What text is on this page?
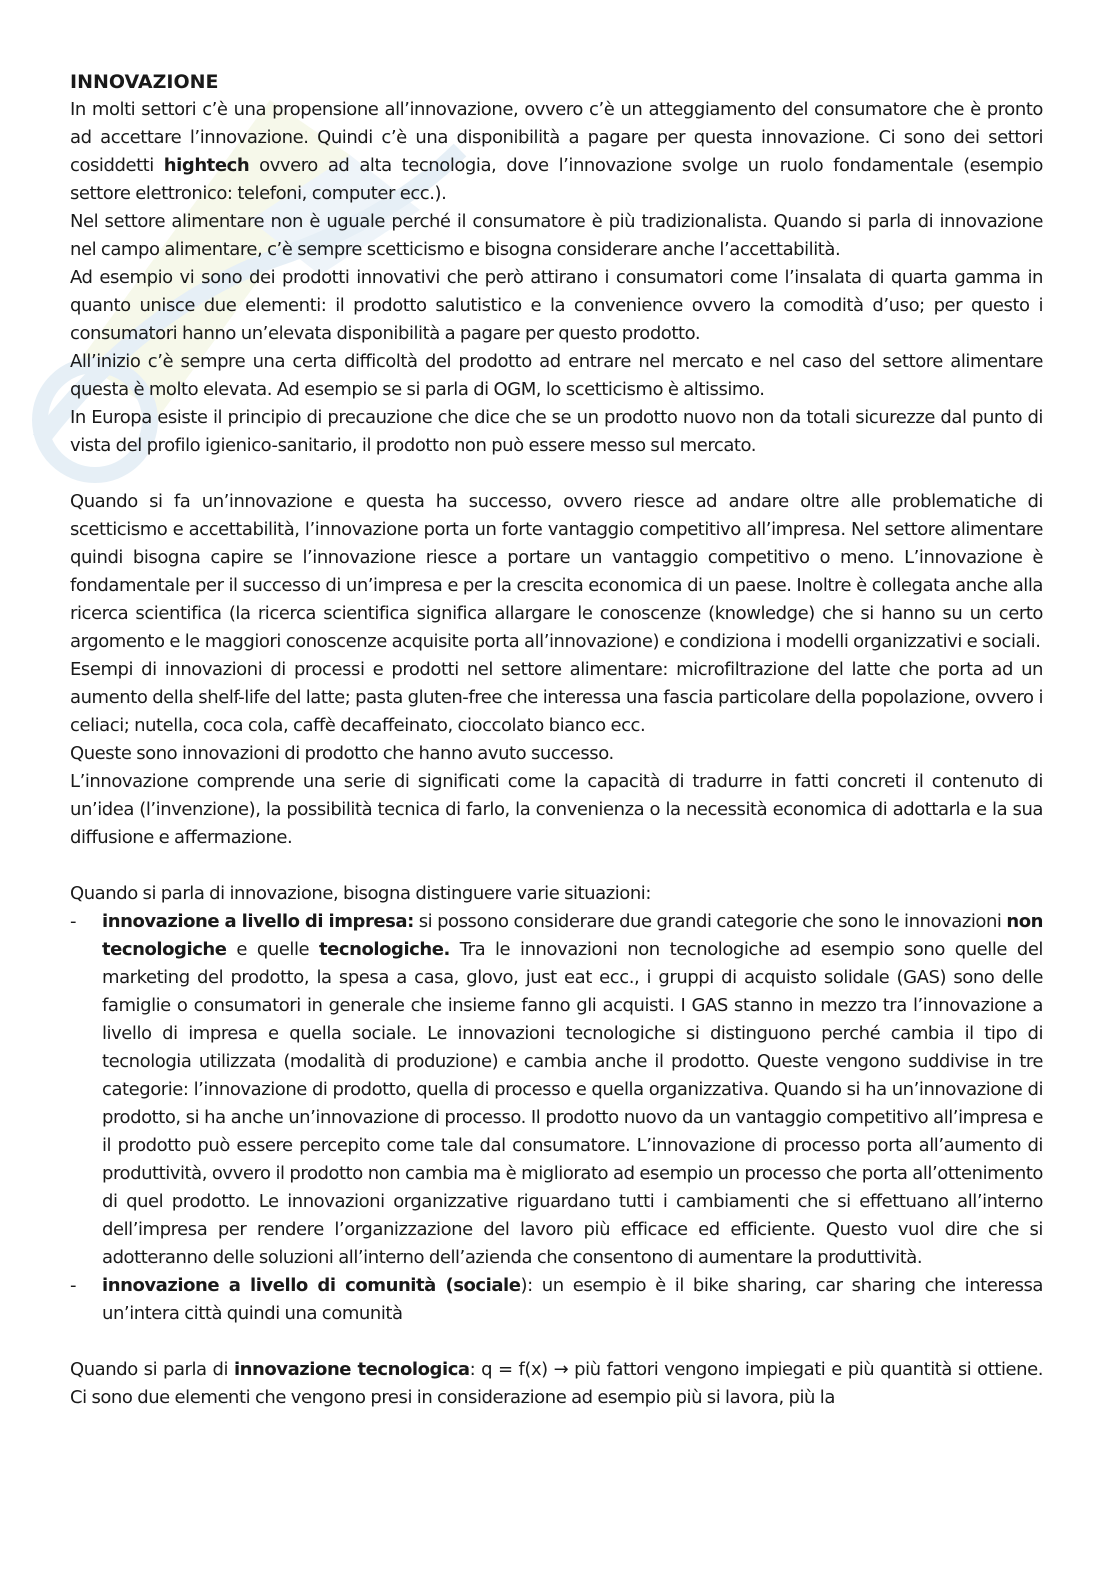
INNOVAZIONE

In molti settori c’è una propensione all’innovazione, ovvero c’è un atteggiamento del consumatore che è pronto ad accettare l’innovazione. Quindi c’è una disponibilità a pagare per questa innovazione. Ci sono dei settori cosiddetti hightech ovvero ad alta tecnologia, dove l’innovazione svolge un ruolo fondamentale (esempio settore elettronico: telefoni, computer ecc.).

Nel settore alimentare non è uguale perché il consumatore è più tradizionalista. Quando si parla di innovazione nel campo alimentare, c’è sempre scetticismo e bisogna considerare anche l’accettabilità.

Ad esempio vi sono dei prodotti innovativi che però attirano i consumatori come l’insalata di quarta gamma in quanto unisce due elementi: il prodotto salutistico e la convenience ovvero la comodità d’uso; per questo i consumatori hanno un’elevata disponibilità a pagare per questo prodotto.

All’inizio c’è sempre una certa difficoltà del prodotto ad entrare nel mercato e nel caso del settore alimentare questa è molto elevata. Ad esempio se si parla di OGM, lo scetticismo è altissimo.

In Europa esiste il principio di precauzione che dice che se un prodotto nuovo non da totali sicurezze dal punto di vista del profilo igienico-sanitario, il prodotto non può essere messo sul mercato.

Quando si fa un’innovazione e questa ha successo, ovvero riesce ad andare oltre alle problematiche di scetticismo e accettabilità, l’innovazione porta un forte vantaggio competitivo all’impresa. Nel settore alimentare quindi bisogna capire se l’innovazione riesce a portare un vantaggio competitivo o meno. L’innovazione è fondamentale per il successo di un’impresa e per la crescita economica di un paese. Inoltre è collegata anche alla ricerca scientifica (la ricerca scientifica significa allargare le conoscenze (knowledge) che si hanno su un certo argomento e le maggiori conoscenze acquisite porta all’innovazione) e condiziona i modelli organizzativi e sociali.

Esempi di innovazioni di processi e prodotti nel settore alimentare: microfiltrazione del latte che porta ad un aumento della shelf-life del latte; pasta gluten-free che interessa una fascia particolare della popolazione, ovvero i celiaci; nutella, coca cola, caffè decaffeinato, cioccolato bianco ecc.

Queste sono innovazioni di prodotto che hanno avuto successo.

L’innovazione comprende una serie di significati come la capacità di tradurre in fatti concreti il contenuto di un’idea (l’invenzione), la possibilità tecnica di farlo, la convenienza o la necessità economica di adottarla e la sua diffusione e affermazione.

Quando si parla di innovazione, bisogna distinguere varie situazioni:

- innovazione a livello di impresa: si possono considerare due grandi categorie che sono le innovazioni non tecnologiche e quelle tecnologiche. Tra le innovazioni non tecnologiche ad esempio sono quelle del marketing del prodotto, la spesa a casa, glovo, just eat ecc., i gruppi di acquisto solidale (GAS) sono delle famiglie o consumatori in generale che insieme fanno gli acquisti. I GAS stanno in mezzo tra l’innovazione a livello di impresa e quella sociale. Le innovazioni tecnologiche si distinguono perché cambia il tipo di tecnologia utilizzata (modalità di produzione) e cambia anche il prodotto. Queste vengono suddivise in tre categorie: l’innovazione di prodotto, quella di processo e quella organizzativa. Quando si ha un’innovazione di prodotto, si ha anche un’innovazione di processo. Il prodotto nuovo da un vantaggio competitivo all’impresa e il prodotto può essere percepito come tale dal consumatore. L’innovazione di processo porta all’aumento di produttività, ovvero il prodotto non cambia ma è migliorato ad esempio un processo che porta all’ottenimento di quel prodotto. Le innovazioni organizzative riguardano tutti i cambiamenti che si effettuano all’interno dell’impresa per rendere l’organizzazione del lavoro più efficace ed efficiente. Questo vuol dire che si adotteranno delle soluzioni all’interno dell’azienda che consentono di aumentare la produttività.
- innovazione a livello di comunità (sociale): un esempio è il bike sharing, car sharing che interessa un’intera città quindi una comunità

Quando si parla di innovazione tecnologica: q = f(x) → più fattori vengono impiegati e più quantità si ottiene. Ci sono due elementi che vengono presi in considerazione ad esempio più si lavora, più la
